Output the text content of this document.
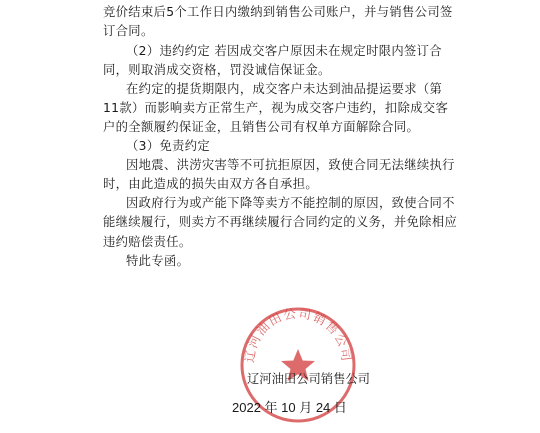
竞价结束后5个工作日内缴纳到销售公司账户，并与销售公司签
订合同。
（2）违约约定 若因成交客户原因未在规定时限内签订合
同，则取消成交资格，罚没诚信保证金。
在约定的提货期限内，成交客户未达到油品提运要求（第
11款）而影响卖方正常生产，视为成交客户违约，扣除成交客
户的全额履约保证金，且销售公司有权单方面解除合同。
（3）免责约定
因地震、洪涝灾害等不可抗拒原因，致使合同无法继续执行
时，由此造成的损失由双方各自承担。
因政府行为或产能下降等卖方不能控制的原因，致使合同不
能继续履行，则卖方不再继续履行合同约定的义务，并免除相应
违约赔偿责任。
特此专函。
辽河油田公司销售公司
辽河油田公司销售公司
2022 年 10 月 24 日
